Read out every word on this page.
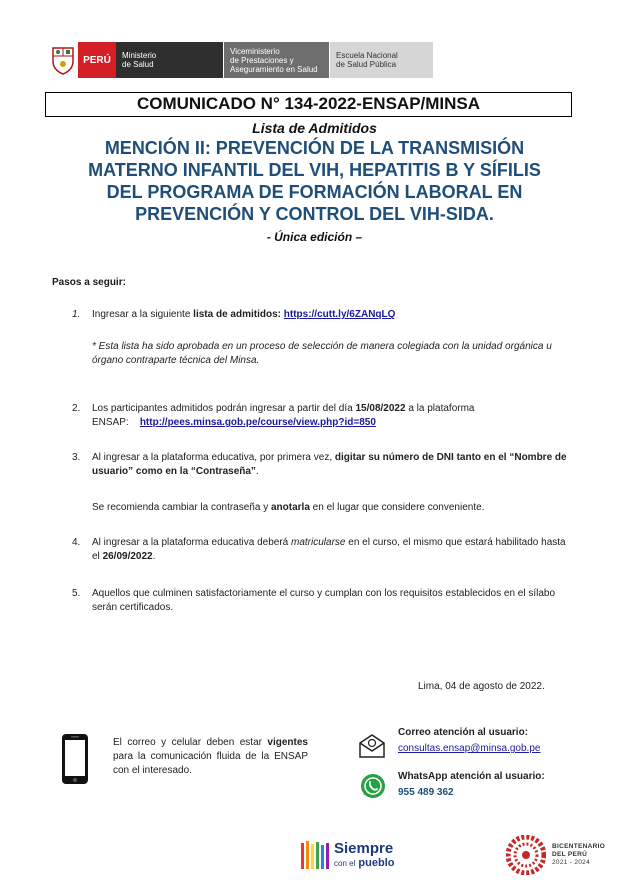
PERÚ	Ministerio
de Salud
Viceministerio
de Prestaciones y
Aseguramiento en Salud
Escuela Nacional
de Salud Pública
COMUNICADO N° 134-2022-ENSAP/MINSA
Lista de Admitidos
MENCIÓN II: PREVENCIÓN DE LA TRANSMISIÓN
MATERNO INFANTIL DEL VIH, HEPATITIS B Y SÍFILIS
DEL PROGRAMA DE FORMACIÓN LABORAL EN
PREVENCIÓN Y CONTROL DEL VIH-SIDA.
- Única edición –
Pasos a seguir:
1.	Ingresar a la siguiente lista de admitidos: https://cutt.ly/6ZANqLQ
* Esta lista ha sido aprobada en un proceso de selección de manera colegiada con la unidad orgánica u órgano contraparte técnica del Minsa.
2.	Los participantes admitidos podrán ingresar a partir del día 15/08/2022 a la plataforma
ENSAP: http://pees.minsa.gob.pe/course/view.php?id=850
3.	Al ingresar a la plataforma educativa, por primera vez, digitar su número de DNI tanto en el “Nombre de usuario” como en la “Contraseña”.
Se recomienda cambiar la contraseña y anotarla en el lugar que considere conveniente.
4.	Al ingresar a la plataforma educativa deberá matricularse en el curso, el mismo que estará habilitado hasta el 26/09/2022.
5.	Aquellos que culminen satisfactoriamente el curso y cumplan con los requisitos establecidos en el sílabo serán certificados.
Lima, 04 de agosto de 2022.
El correo y celular deben estar vigentes para la comunicación fluida de la ENSAP con el interesado.
Correo atención al usuario:
consultas.ensap@minsa.gob.pe
WhatsApp atención al usuario:
955 489 362
Siempre
con el pueblo
BICENTENARIO
DEL PERÚ
2021 - 2024
